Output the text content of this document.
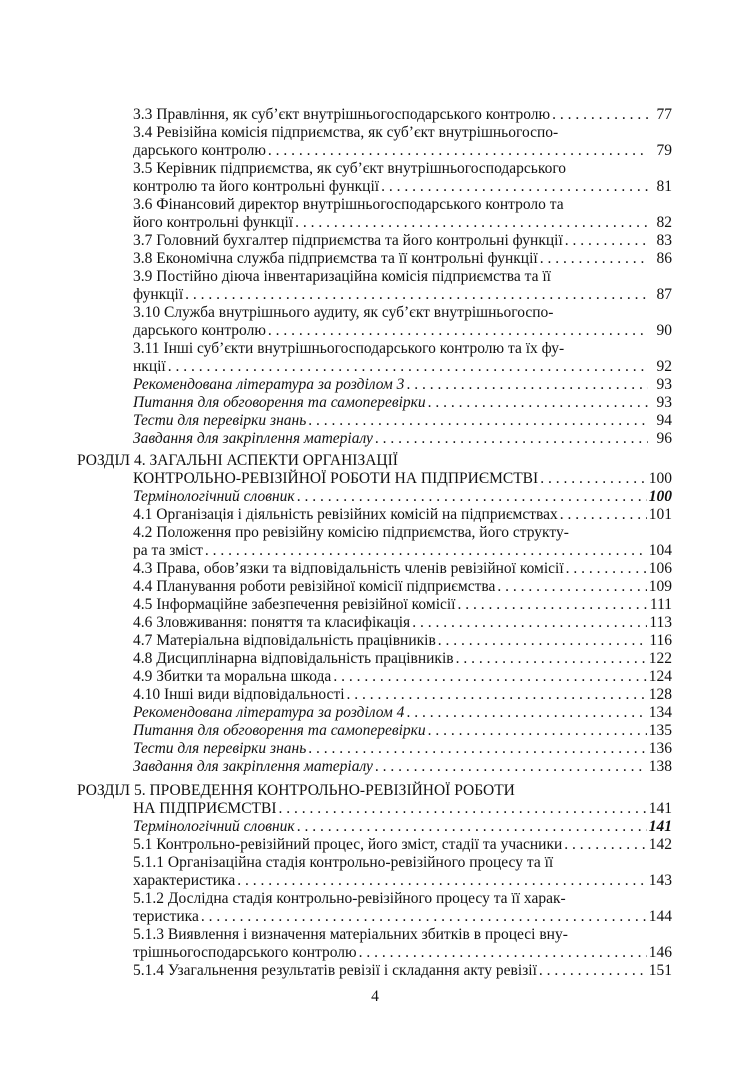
3.3 Правління, як суб’єкт внутрішньогосподарського контролю . . .	77
3.4 Ревізійна комісія підприємства, як суб’єкт внутрішньогоспо-
дарського контролю . . .	79
3.5 Керівник підприємства, як суб’єкт внутрішньогосподарського
контролю та його контрольні функції . . .	81
3.6 Фінансовий директор внутрішньогосподарського контроло та
його контрольні функції . . .	82
3.7 Головний бухгалтер підприємства та його контрольні функції . . .	83
3.8 Економічна служба підприємства та її контрольні функції . . .	86
3.9 Постійно діюча інвентаризаційна комісія підприємства та її
функції . . .	87
3.10 Служба внутрішнього аудиту, як суб’єкт внутрішньогоспо-
дарського контролю . . .	90
3.11 Інші суб’єкти внутрішньогосподарського контролю та їх фу-
нкції . . .	92
Рекомендована література за розділом 3 . . .	93
Питання для обговорення та самоперевірки . . .	93
Тести для перевірки знань . . .	94
Завдання для закріплення матеріалу . . .	96
РОЗДІЛ 4. ЗАГАЛЬНІ АСПЕКТИ ОРГАНІЗАЦІЇ
КОНТРОЛЬНО-РЕВІЗІЙНОЇ РОБОТИ НА ПІДПРИЄМСТВІ . . .	100
Термінологічний словник . . .	100
4.1 Організація і діяльність ревізійних комісій на підприємствах . . .	101
4.2 Положення про ревізійну комісію підприємства, його структу-
ра та зміст . . .	104
4.3 Права, обов’язки та відповідальність членів ревізійної комісії . . .	106
4.4 Планування роботи ревізійної комісії підприємства . . .	109
4.5 Інформаційне забезпечення ревізійної комісії . . .	111
4.6 Зловживання: поняття та класифікація . . .	113
4.7 Матеріальна відповідальність працівників . . .	116
4.8 Дисциплінарна відповідальність працівників . . .	122
4.9 Збитки та моральна шкода . . .	124
4.10 Інші види відповідальності . . .	128
Рекомендована література за розділом 4 . . .	134
Питання для обговорення та самоперевірки . . .	135
Тести для перевірки знань . . .	136
Завдання для закріплення матеріалу . . .	138
РОЗДІЛ 5. ПРОВЕДЕННЯ КОНТРОЛЬНО-РЕВІЗІЙНОЇ РОБОТИ
НА ПІДПРИЄМСТВІ . . .	141
Термінологічний словник . . .	141
5.1 Контрольно-ревізійний процес, його зміст, стадії та учасники . . .	142
5.1.1 Організаційна стадія контрольно-ревізійного процесу та її
характеристика . . .	143
5.1.2 Дослідна стадія контрольно-ревізійного процесу та її харак-
теристика . . .	144
5.1.3 Виявлення і визначення матеріальних збитків в процесі вну-
трішньогосподарського контролю . . .	146
5.1.4 Узагальнення результатів ревізії і складання акту ревізії . . .	151
4
